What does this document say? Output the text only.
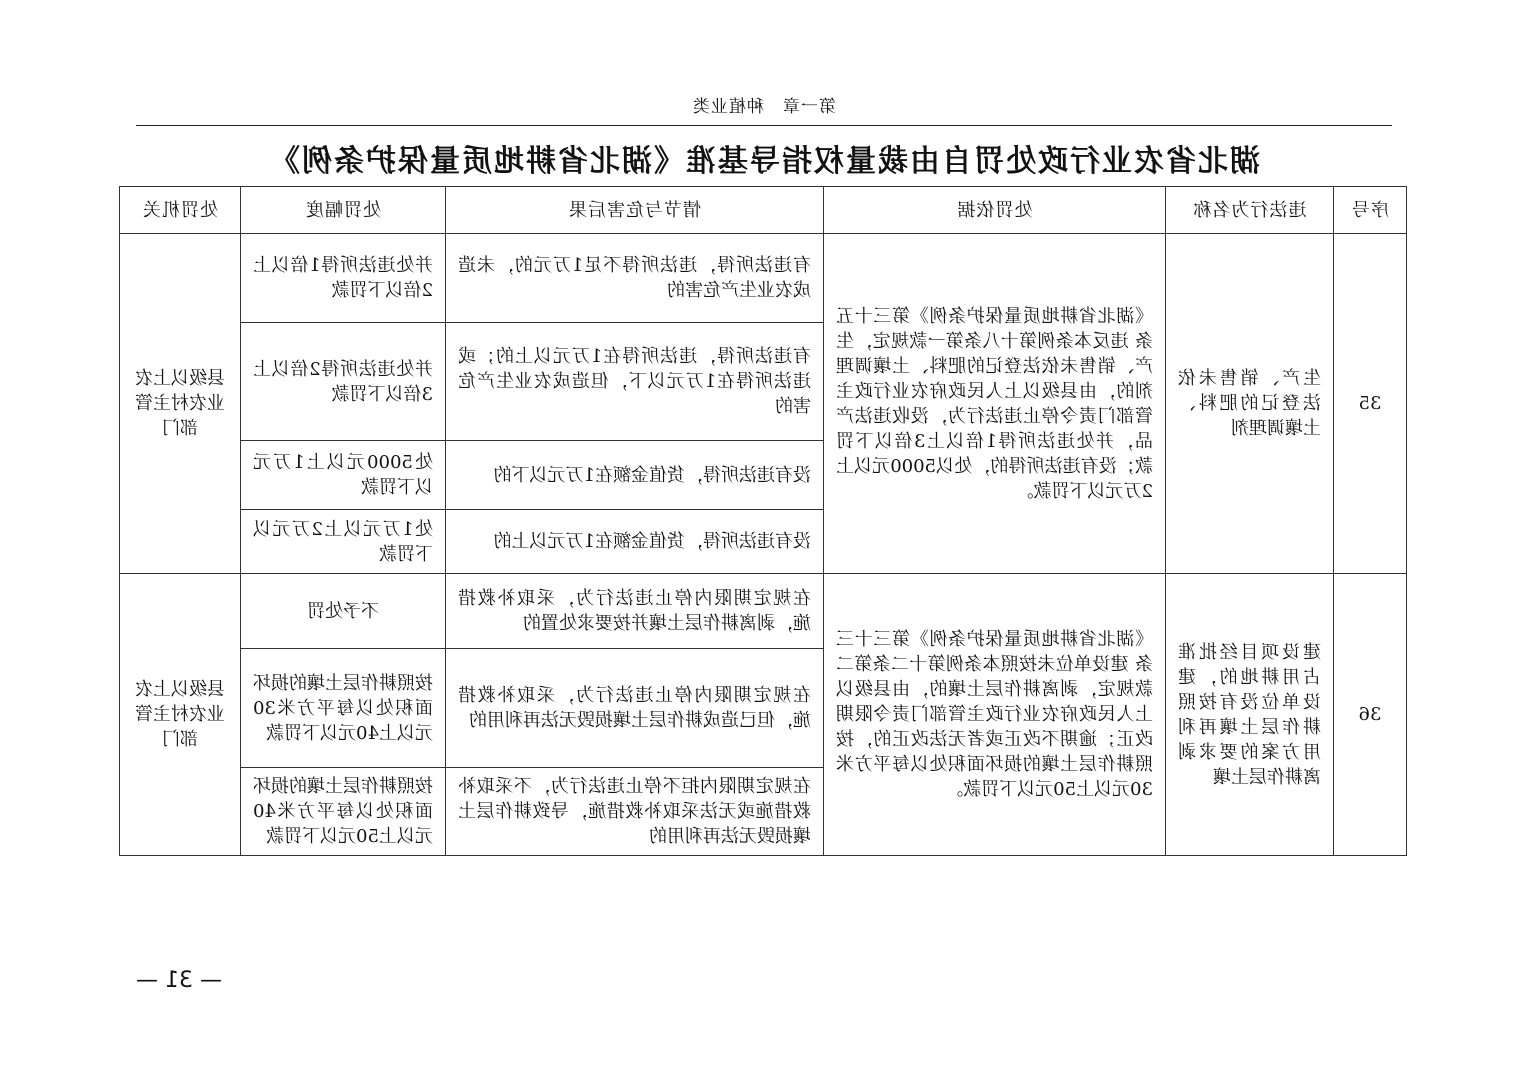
第一章　种植业类
湖北省农业行政处罚自由裁量权指导基准《湖北省耕地质量保护条例》
序号	违法行为名称	处罚依据	情节与危害后果	处罚幅度	处罚机关
35	生产、销售未依法登记的肥料、土壤调理剂	《湖北省耕地质量保护条例》第三十五条 违反本条例第十八条第一款规定，生产、销售未依法登记的肥料、土壤调理剂的，由县级以上人民政府农业行政主管部门责令停止违法行为，没收违法产品，并处违法所得1倍以上3倍以下罚款；没有违法所得的，处以5000元以上2万元以下罚款。	有违法所得，违法所得不足1万元的，未造成农业生产危害的	并处违法所得1倍以上2倍以下罚款	县级以上农业农村主管部门
			有违法所得，违法所得在1万元以上的；或违法所得在1万元以下，但造成农业生产危害的	并处违法所得2倍以上3倍以下罚款	
			没有违法所得，货值金额在1万元以下的	处5000元以上1万元以下罚款	
			没有违法所得，货值金额在1万元以上的	处1万元以上2万元以下罚款	
36	建设项目经批准占用耕地的，建设单位没有按照耕作层土壤再利用方案的要求剥离耕作层土壤	《湖北省耕地质量保护条例》第三十三条 建设单位未按照本条例第十二条第二款规定，剥离耕作层土壤的，由县级以上人民政府农业行政主管部门责令限期改正；逾期不改正或者无法改正的，按照耕作层土壤的损坏面积处以每平方米30元以上50元以下罚款。	在规定期限内停止违法行为，采取补救措施，剥离耕作层土壤并按要求处置的	不予处罚	县级以上农业农村主管部门
			在规定期限内停止违法行为，采取补救措施，但已造成耕作层土壤损毁无法再利用的	按照耕作层土壤的损坏面积处以每平方米30元以上40元以下罚款	
			在规定期限内拒不停止违法行为，不采取补救措施或无法采取补救措施，导致耕作层土壤损毁无法再利用的	按照耕作层土壤的损坏面积处以每平方米40元以上50元以下罚款	
— 31 —
